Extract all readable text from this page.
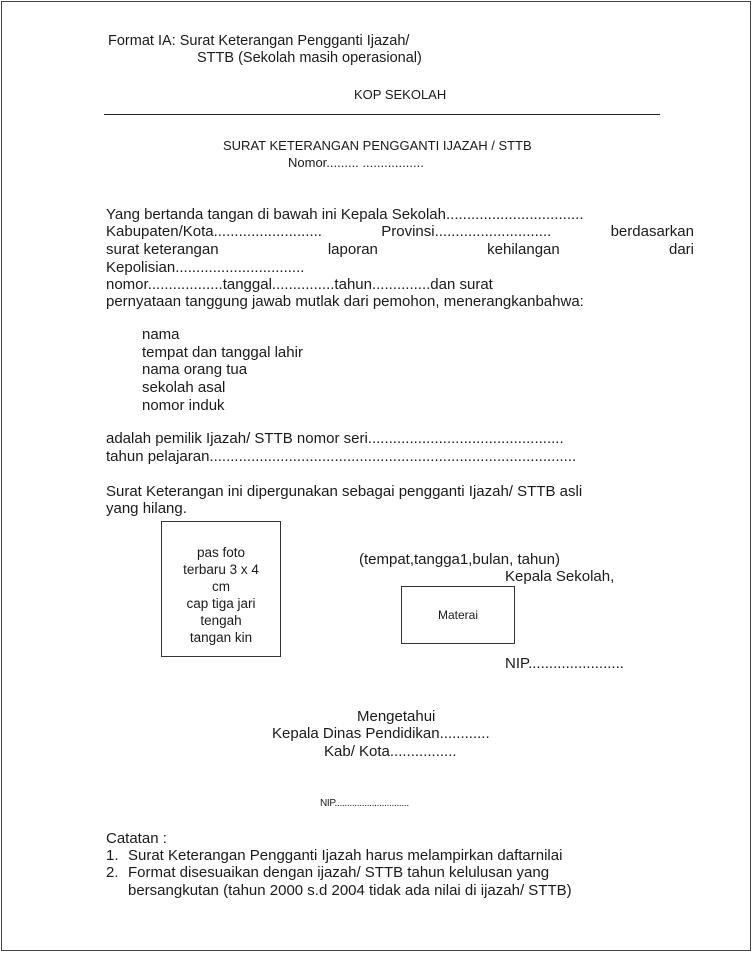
Format IA: Surat Keterangan Pengganti Ijazah/
STTB (Sekolah masih operasional)
KOP SEKOLAH
SURAT KETERANGAN PENGGANTI IJAZAH / STTB
Nomor......... .................
Yang bertanda tangan di bawah ini Kepala Sekolah.................................
Kabupaten/Kota..........................	Provinsi............................	berdasarkan
surat keterangan	laporan	kehilangan	dari
Kepolisian...............................
nomor..................tanggal...............tahun..............dan surat
pernyataan tanggung jawab mutlak dari pemohon, menerangkanbahwa:
nama
tempat dan tanggal lahir
nama orang tua
sekolah asal
nomor induk
adalah pemilik Ijazah/ STTB nomor seri...............................................
tahun pelajaran........................................................................................
Surat Keterangan ini dipergunakan sebagai pengganti Ijazah/ STTB asli
yang hilang.
pas foto
terbaru 3 x 4
cm
cap tiga jari
tengah
tangan kin
(tempat,tangga1,bulan, tahun)
Kepala Sekolah,
Materai
NIP.......................
Mengetahui
Kepala Dinas Pendidikan............
Kab/ Kota................
NIP..............................
Catatan :
1. Surat Keterangan Pengganti Ijazah harus melampirkan daftarnilai
2. Format disesuaikan dengan ijazah/ STTB tahun kelulusan yang
bersangkutan (tahun 2000 s.d 2004 tidak ada nilai di ijazah/ STTB)
